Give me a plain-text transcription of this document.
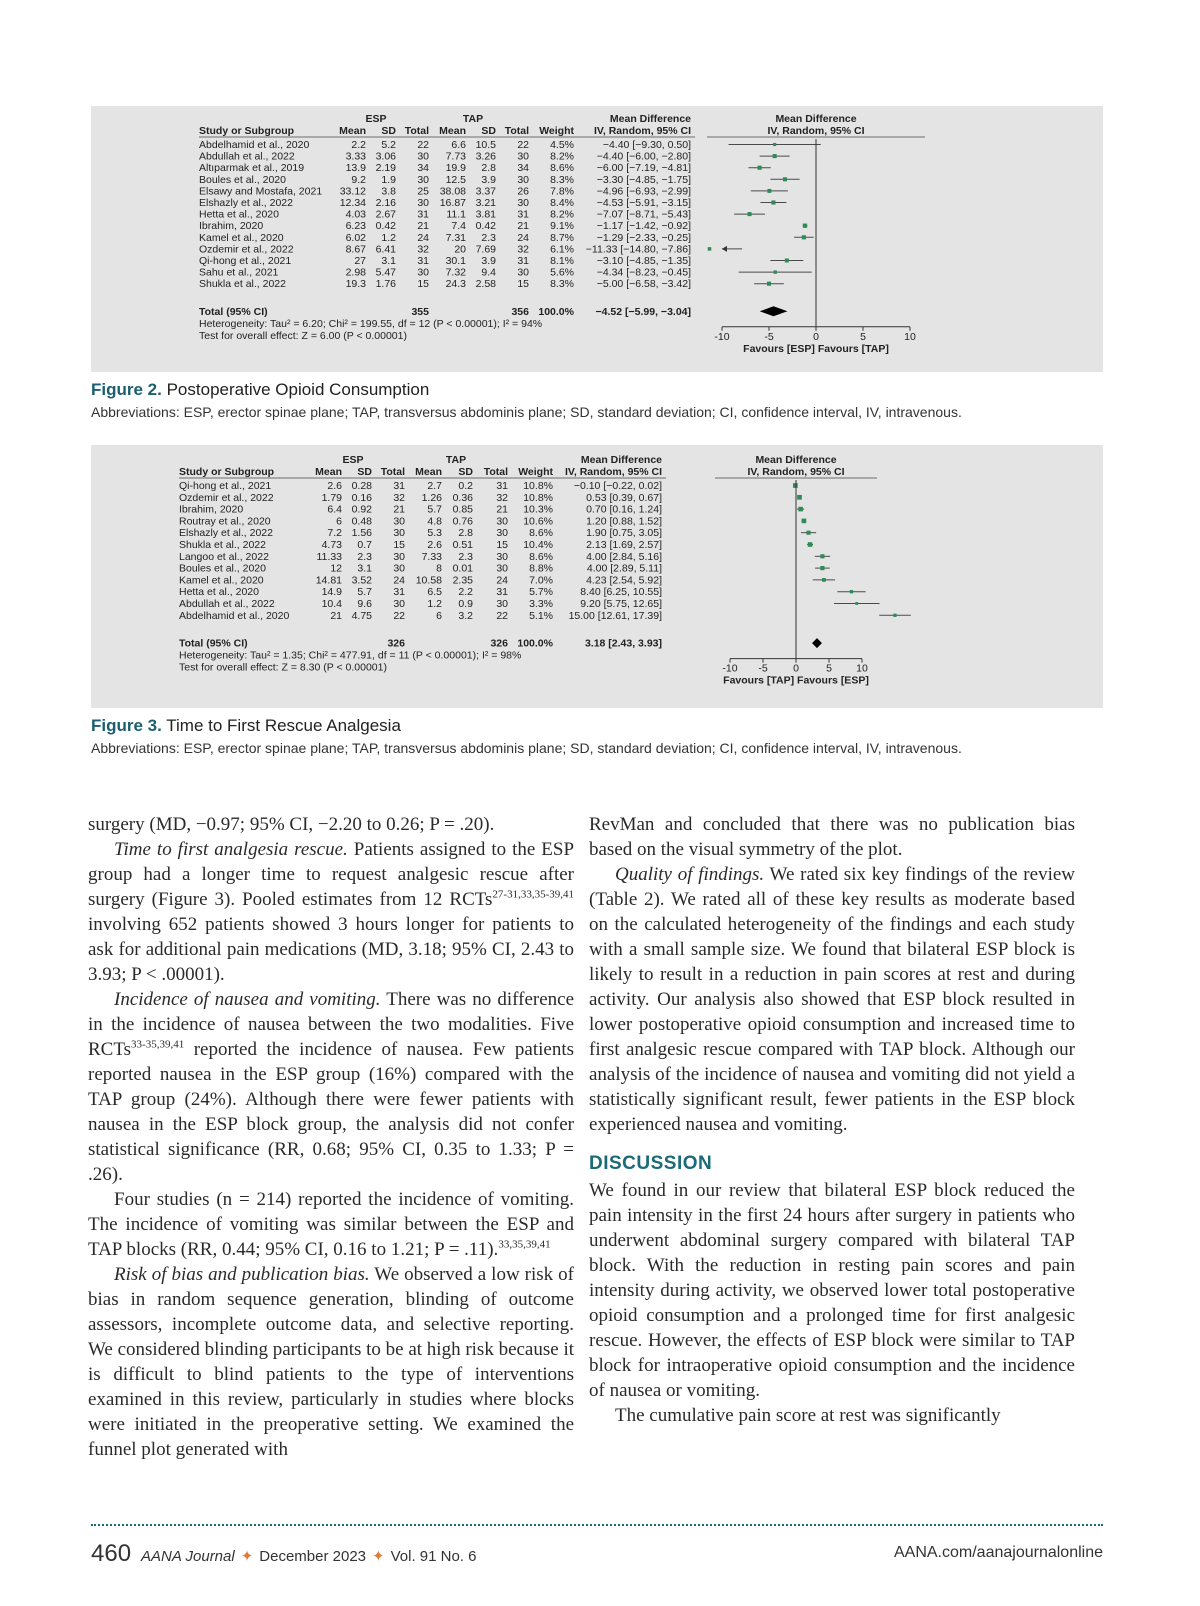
ESP	TAP	Mean Difference
IV, Random, 95% CI
Mean Difference
IV, Random, 95% CI
Study or Subgroup	Mean SD Total Mean SD Total Weight
Abdelhamid et al., 2020	2.2 5.2 22 6.6 10.5 22 4.5%	−4.40 [−9.30, 0.50]
Abdullah et al., 2022	3.33 3.06 30 7.73 3.26 30 8.2% −4.40 [−6.00, −2.80]
Altıparmak et al., 2019	13.9 2.19 34 19.9 2.8 34 8.6% −6.00 [−7.19, −4.81]
Boules et al., 2020	9.2 1.9 30 12.5 3.9 30 8.3% −3.30 [−4.85, −1.75]
Elsawy and Mostafa, 2021 33.12 3.8 25 38.08 3.37 26 7.8% −4.96 [−6.93, −2.99]
Elshazly et al., 2022	12.34 2.16 30 16.87 3.21 30 8.4% −4.53 [−5.91, −3.15]
Hetta et al., 2020	4.03 2.67 31 11.1 3.81 31 8.2% −7.07 [−8.71, −5.43]
Ibrahim, 2020	6.23 0.42 21 7.4 0.42 21 9.1% −1.17 [−1.42, −0.92]
Kamel et al., 2020	6.02 1.2 24 7.31 2.3 24 8.7% −1.29 [−2.33, −0.25]
Ozdemir et al., 2022	8.67 6.41 32 20 7.69 32 6.1% −11.33 [−14.80, −7.86]
Qi-hong et al., 2021	27 3.1 31 30.1 3.9 31 8.1% −3.10 [−4.85, −1.35]
Sahu et al., 2021	2.98 5.47 30 7.32 9.4 30 5.6% −4.34 [−8.23, −0.45]
Shukla et al., 2022	19.3 1.76 15 24.3 2.58 15 8.3% −5.00 [−6.58, −3.42]
Total (95% CI)	355	356 100.0% −4.52 [−5.99, −3.04]
Heterogeneity: Tau² = 6.20; Chi² = 199.55, df = 12 (P < 0.00001); I² = 94%
Test for overall effect: Z = 6.00 (P < 0.00001)	-10	-5	0	5	10
Favours [ESP] Favours [TAP]
Figure 2. Postoperative Opioid Consumption
Abbreviations: ESP, erector spinae plane; TAP, transversus abdominis plane; SD, standard deviation; CI, confidence interval, IV, intravenous.
ESP	TAP	Mean Difference
IV, Random, 95% CI
Mean Difference
IV, Random, 95% CI
Study or Subgroup	Mean SD Total Mean SD Total Weight
Qi-hong et al., 2021	2.6 0.28 31 2.7 0.2 31 10.8% −0.10 [−0.22, 0.02]
Ozdemir et al., 2022	1.79 0.16 32 1.26 0.36 32 10.8%	0.53 [0.39, 0.67]
Ibrahim, 2020	6.4 0.92 21 5.7 0.85 21 10.3%	0.70 [0.16, 1.24]
Routray et al., 2020	6 0.48 30 4.8 0.76 30 10.6%	1.20 [0.88, 1.52]
Elshazly et al., 2022	7.2 1.56 30 5.3 2.8 30 8.6%	1.90 [0.75, 3.05]
Shukla et al., 2022	4.73 0.7 15 2.6 0.51 15 10.4%	2.13 [1.69, 2.57]
Langoo et al., 2022	11.33 2.3 30 7.33 2.3 30 8.6%	4.00 [2.84, 5.16]
Boules et al., 2020	12 3.1 30	8 0.01 30 8.8%	4.00 [2.89, 5.11]
Kamel et al., 2020	14.81 3.52 24 10.58 2.35 24 7.0%	4.23 [2.54, 5.92]
Hetta et al., 2020	14.9 5.7 31 6.5 2.2 31 5.7%	8.40 [6.25, 10.55]
Abdullah et al., 2022	10.4 9.6 30 1.2 0.9 30 3.3%	9.20 [5.75, 12.65]
Abdelhamid et al., 2020	21 4.75 22	6 3.2 22 5.1% 15.00 [12.61, 17.39]
Total (95% CI)	326	326 100.0%	3.18 [2.43, 3.93]
Heterogeneity: Tau² = 1.35; Chi² = 477.91, df = 11 (P < 0.00001); I² = 98%
Test for overall effect: Z = 8.30 (P < 0.00001)	-10 -5 0	5 10
Favours [TAP] Favours [ESP]
Figure 3. Time to First Rescue Analgesia
Abbreviations: ESP, erector spinae plane; TAP, transversus abdominis plane; SD, standard deviation; CI, confidence interval, IV, intravenous.

surgery (MD, −0.97; 95% CI, −2.20 to 0.26; P = .20).

Time to first analgesia rescue. Patients assigned to the ESP group had a longer time to request analgesic rescue after surgery (Figure 3). Pooled estimates from 12 RCTs$^{27-31,33,35-39,41}$ involving 652 patients showed 3 hours longer for patients to ask for additional pain medications (MD, 3.18; 95% CI, 2.43 to 3.93; P < .00001).

Incidence of nausea and vomiting. There was no difference in the incidence of nausea between the two modalities. Five RCTs$^{33-35,39,41}$ reported the incidence of nausea. Few patients reported nausea in the ESP group (16%) compared with the TAP group (24%). Although there were fewer patients with nausea in the ESP block group, the analysis did not confer statistical significance (RR, 0.68; 95% CI, 0.35 to 1.33; P = .26).

Four studies (n = 214) reported the incidence of vomiting. The incidence of vomiting was similar between the ESP and TAP blocks (RR, 0.44; 95% CI, 0.16 to 1.21; P = .11).$^{33,35,39,41}$

Risk of bias and publication bias. We observed a low risk of bias in random sequence generation, blinding of outcome assessors, incomplete outcome data, and selective reporting. We considered blinding participants to be at high risk because it is difficult to blind patients to the type of interventions examined in this review, particularly in studies where blocks were initiated in the preoperative setting. We examined the funnel plot generated with

RevMan and concluded that there was no publication bias based on the visual symmetry of the plot.

Quality of findings. We rated six key findings of the review (Table 2). We rated all of these key results as moderate based on the calculated heterogeneity of the findings and each study with a small sample size. We found that bilateral ESP block is likely to result in a reduction in pain scores at rest and during activity. Our analysis also showed that ESP block resulted in lower postoperative opioid consumption and increased time to first analgesic rescue compared with TAP block. Although our analysis of the incidence of nausea and vomiting did not yield a statistically significant result, fewer patients in the ESP block experienced nausea and vomiting.

DISCUSSION

We found in our review that bilateral ESP block reduced the pain intensity in the first 24 hours after surgery in patients who underwent abdominal surgery compared with bilateral TAP block. With the reduction in resting pain scores and pain intensity during activity, we observed lower total postoperative opioid consumption and a prolonged time for first analgesic rescue. However, the effects of ESP block were similar to TAP block for intraoperative opioid consumption and the incidence of nausea or vomiting.

The cumulative pain score at rest was significantly

460 AANA Journal ✦ December 2023 ✦ Vol. 91 No. 6	AANA.com/aanajournalonline
